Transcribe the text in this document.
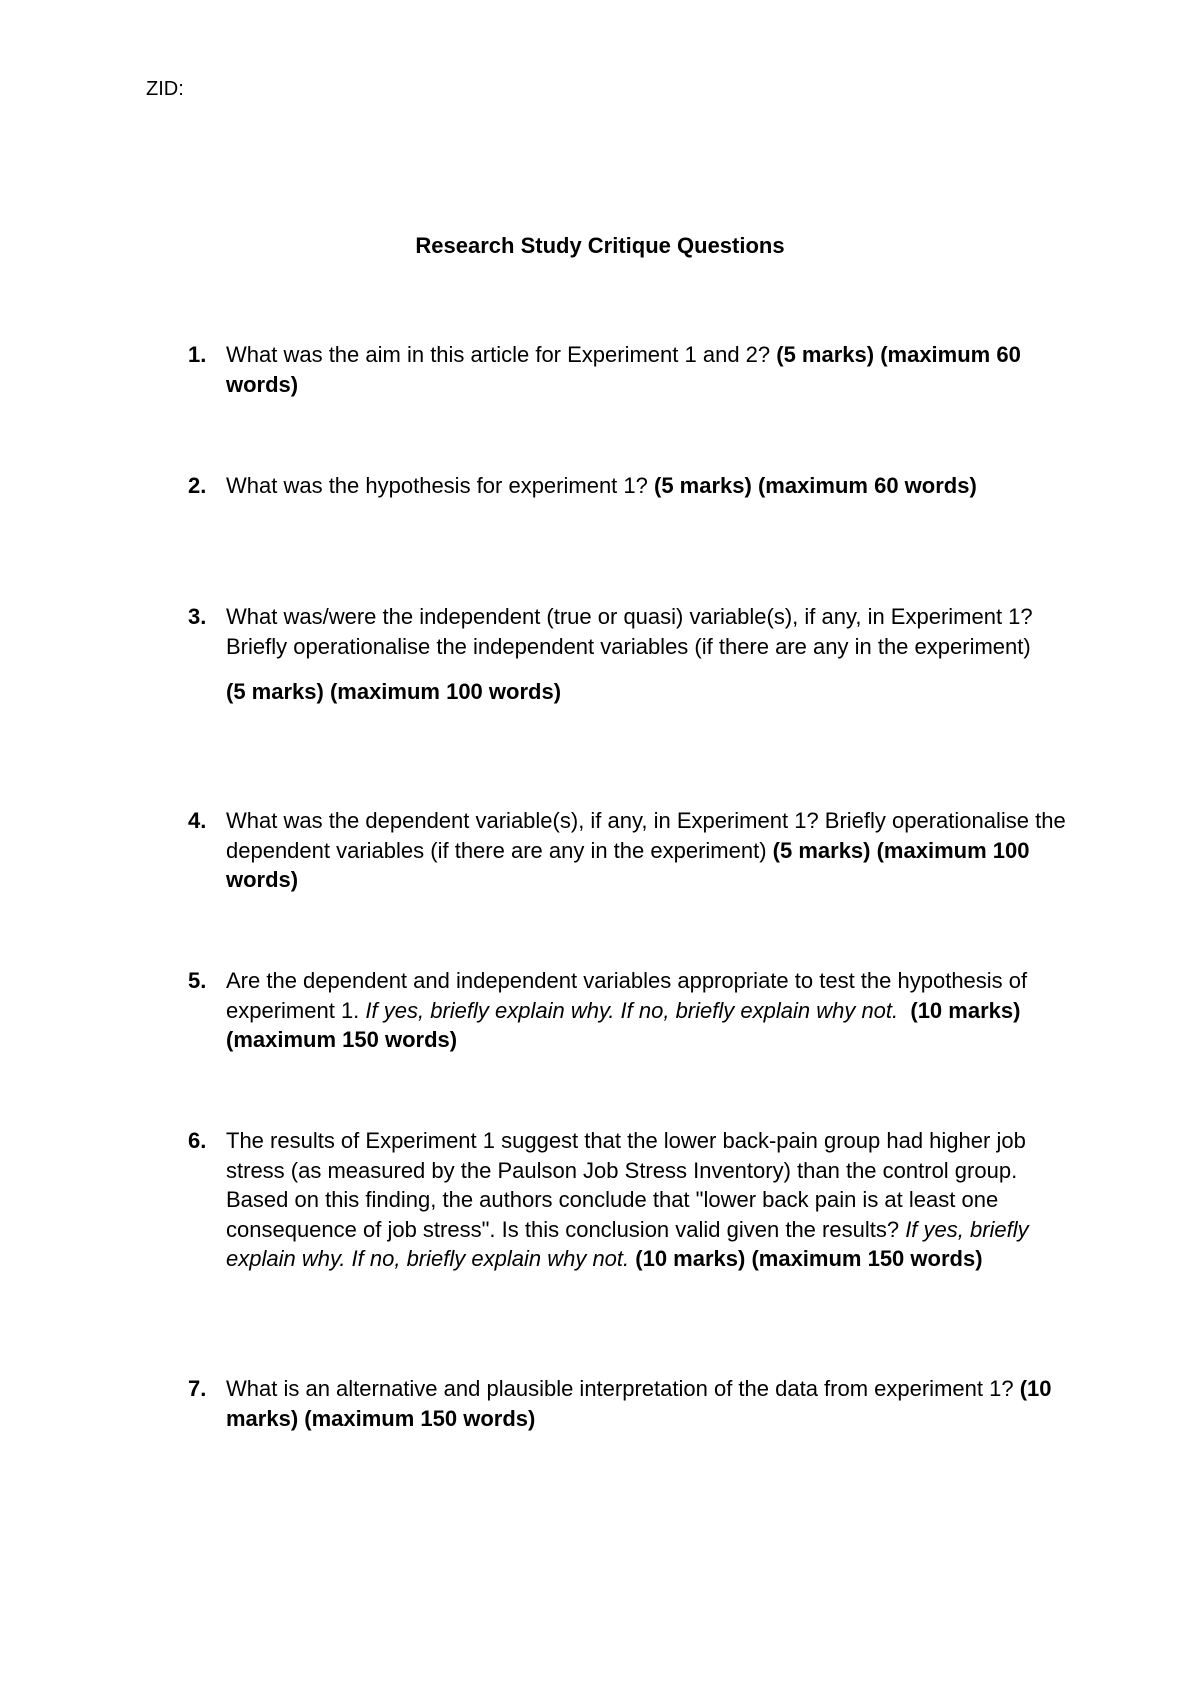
ZID:
Research Study Critique Questions
1. What was the aim in this article for Experiment 1 and 2? (5 marks) (maximum 60 words)
2. What was the hypothesis for experiment 1? (5 marks) (maximum 60 words)
3. What was/were the independent (true or quasi) variable(s), if any, in Experiment 1? Briefly operationalise the independent variables (if there are any in the experiment)
(5 marks) (maximum 100 words)
4. What was the dependent variable(s), if any, in Experiment 1? Briefly operationalise the dependent variables (if there are any in the experiment) (5 marks) (maximum 100 words)
5. Are the dependent and independent variables appropriate to test the hypothesis of experiment 1. If yes, briefly explain why. If no, briefly explain why not. (10 marks) (maximum 150 words)
6. The results of Experiment 1 suggest that the lower back-pain group had higher job stress (as measured by the Paulson Job Stress Inventory) than the control group. Based on this finding, the authors conclude that "lower back pain is at least one consequence of job stress". Is this conclusion valid given the results? If yes, briefly explain why. If no, briefly explain why not. (10 marks) (maximum 150 words)
7. What is an alternative and plausible interpretation of the data from experiment 1? (10 marks) (maximum 150 words)
